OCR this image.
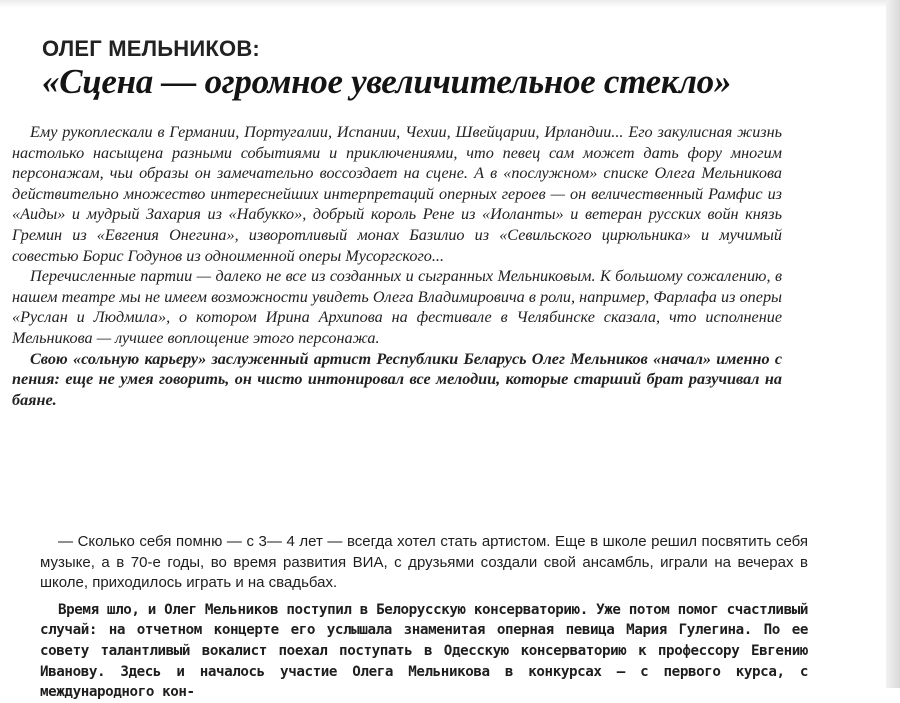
ОЛЕГ МЕЛЬНИКОВ:
«Сцена — огромное увеличительное стекло»

Ему рукоплескали в Германии, Португалии, Испании, Чехии, Швейцарии, Ирландии... Его закулисная жизнь настолько насыщена разными событиями и приключениями, что певец сам может дать фору многим персонажам, чьи образы он замечательно воссоздает на сцене. А в «послужном» списке Олега Мельникова действительно множество интереснейших интерпретаций оперных героев — он величественный Рамфис из «Аиды» и мудрый Захария из «Набукко», добрый король Рене из «Иоланты» и ветеран русских войн князь Гремин из «Евгения Онегина», изворотливый монах Базилио из «Севильского цирюльника» и мучимый совестью Борис Годунов из одноименной оперы Мусоргского...

Перечисленные партии — далеко не все из созданных и сыгранных Мельниковым. К большому сожалению, в нашем театре мы не имеем возможности увидеть Олега Владимировича в роли, например, Фарлафа из оперы «Руслан и Людмила», о котором Ирина Архипова на фестивале в Челябинске сказала, что исполнение Мельникова — лучшее воплощение этого персонажа.

Свою «сольную карьеру» заслуженный артист Республики Беларусь Олег Мельников «начал» именно с пения: еще не умея говорить, он чисто интонировал все мелодии, которые старший брат разучивал на баяне.

— Сколько себя помню — с 3— 4 лет — всегда хотел стать артистом. Еще в школе решил посвятить себя музыке, а в 70-е годы, во время развития ВИА, с друзьями создали свой ансамбль, играли на вечерах в школе, приходилось играть и на свадьбах.

Время шло, и Олег Мельников поступил в Белорусскую консерваторию. Уже потом помог счастливый случай: на отчетном концерте его услышала знаменитая оперная певица Мария Гулегина. По ее совету талантливый вокалист поехал поступать в Одесскую консерваторию к профессору Евгению Иванову. Здесь и началось участие Олега Мельникова в конкурсах — с первого курса, с международного кон-
